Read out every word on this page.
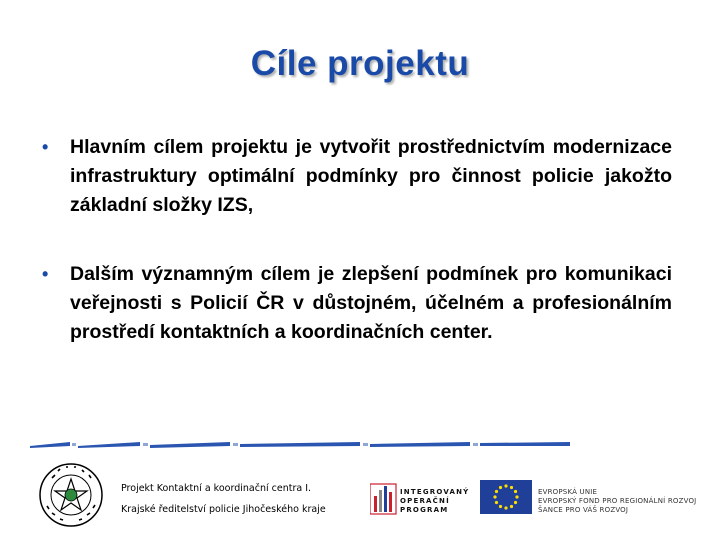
Cíle projektu
• Hlavním cílem projektu je vytvořit prostřednictvím modernizace infrastruktury optimální podmínky pro činnost policie jakožto základní složky IZS,
• Dalším významným cílem je zlepšení podmínek pro komunikaci veřejnosti s Policií ČR v důstojném, účelném a profesionálním prostředí kontaktních a koordinačních center.
Projekt Kontaktní a koordinační centra I.
Krajské ředitelství policie Jihočeského kraje
INTEGROVANÝ
OPERAČNÍ
PROGRAM
EVROPSKÁ UNIE
EVROPSKÝ FOND PRO REGIONÁLNÍ ROZVOJ
ŠANCE PRO VÁŠ ROZVOJ
